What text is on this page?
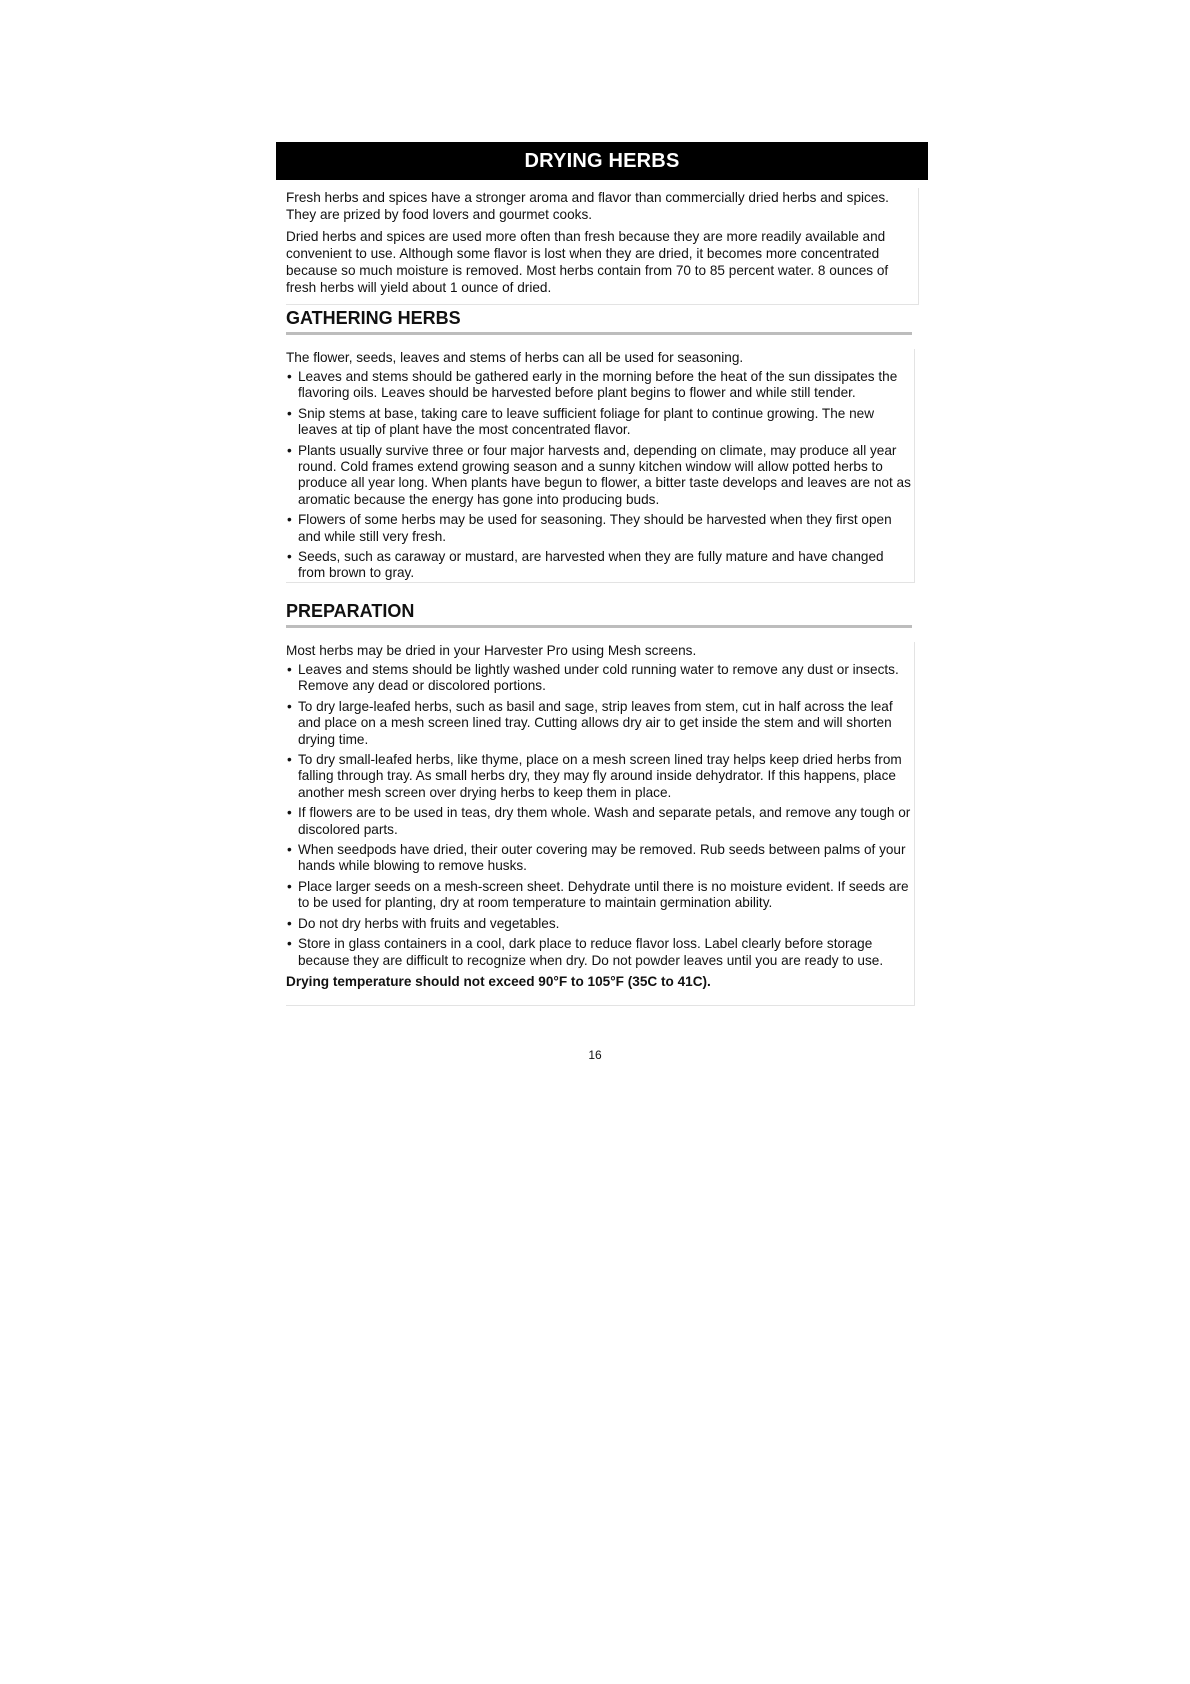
DRYING HERBS

Fresh herbs and spices have a stronger aroma and flavor than commercially dried herbs and spices. They are prized by food lovers and gourmet cooks.

Dried herbs and spices are used more often than fresh because they are more readily available and convenient to use. Although some flavor is lost when they are dried, it becomes more concentrated because so much moisture is removed. Most herbs contain from 70 to 85 percent water. 8 ounces of fresh herbs will yield about 1 ounce of dried.

GATHERING HERBS

The flower, seeds, leaves and stems of herbs can all be used for seasoning.

• Leaves and stems should be gathered early in the morning before the heat of the sun dissipates the flavoring oils. Leaves should be harvested before plant begins to flower and while still tender.
• Snip stems at base, taking care to leave sufficient foliage for plant to continue growing. The new leaves at tip of plant have the most concentrated flavor.
• Plants usually survive three or four major harvests and, depending on climate, may produce all year round. Cold frames extend growing season and a sunny kitchen window will allow potted herbs to produce all year long. When plants have begun to flower, a bitter taste develops and leaves are not as aromatic because the energy has gone into producing buds.
• Flowers of some herbs may be used for seasoning. They should be harvested when they first open and while still very fresh.
• Seeds, such as caraway or mustard, are harvested when they are fully mature and have changed from brown to gray.
PREPARATION

Most herbs may be dried in your Harvester Pro using Mesh screens.

• Leaves and stems should be lightly washed under cold running water to remove any dust or insects. Remove any dead or discolored portions.
• To dry large-leafed herbs, such as basil and sage, strip leaves from stem, cut in half across the leaf and place on a mesh screen lined tray. Cutting allows dry air to get inside the stem and will shorten drying time.
• To dry small-leafed herbs, like thyme, place on a mesh screen lined tray helps keep dried herbs from falling through tray. As small herbs dry, they may fly around inside dehydrator. If this happens, place another mesh screen over drying herbs to keep them in place.
• If flowers are to be used in teas, dry them whole. Wash and separate petals, and remove any tough or discolored parts.
• When seedpods have dried, their outer covering may be removed. Rub seeds between palms of your hands while blowing to remove husks.
• Place larger seeds on a mesh-screen sheet. Dehydrate until there is no moisture evident. If seeds are to be used for planting, dry at room temperature to maintain germination ability.
• Do not dry herbs with fruits and vegetables.
• Store in glass containers in a cool, dark place to reduce flavor loss. Label clearly before storage because they are difficult to recognize when dry. Do not powder leaves until you are ready to use.

Drying temperature should not exceed 90°F to 105°F (35C to 41C).

16
